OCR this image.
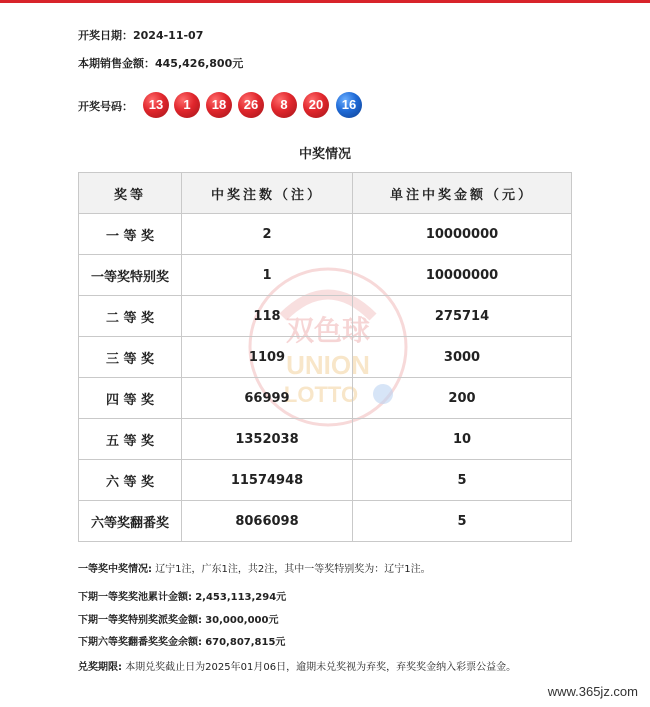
开奖日期：2024-11-07
本期销售金额：445,426,800元
开奖号码：	13	1	18	26	8	20	16
中奖情况
双色球
UNION
LOTTO
奖等	中奖注数（注）	单注中奖金额（元）
一 等 奖	2	10000000
一等奖特别奖	1	10000000
二 等 奖	118	275714
三 等 奖	1109	3000
四 等 奖	66999	200
五 等 奖	1352038	10
六 等 奖	11574948	5
六等奖翻番奖	8066098	5
一等奖中奖情况: 辽宁1注，广东1注，共2注，其中一等奖特别奖为：辽宁1注。
下期一等奖奖池累计金额: 2,453,113,294元
下期一等奖特别奖派奖金额: 30,000,000元
下期六等奖翻番奖奖金余额: 670,807,815元
兑奖期限: 本期兑奖截止日为2025年01月06日，逾期未兑奖视为弃奖，弃奖奖金纳入彩票公益金。
www.365jz.com
